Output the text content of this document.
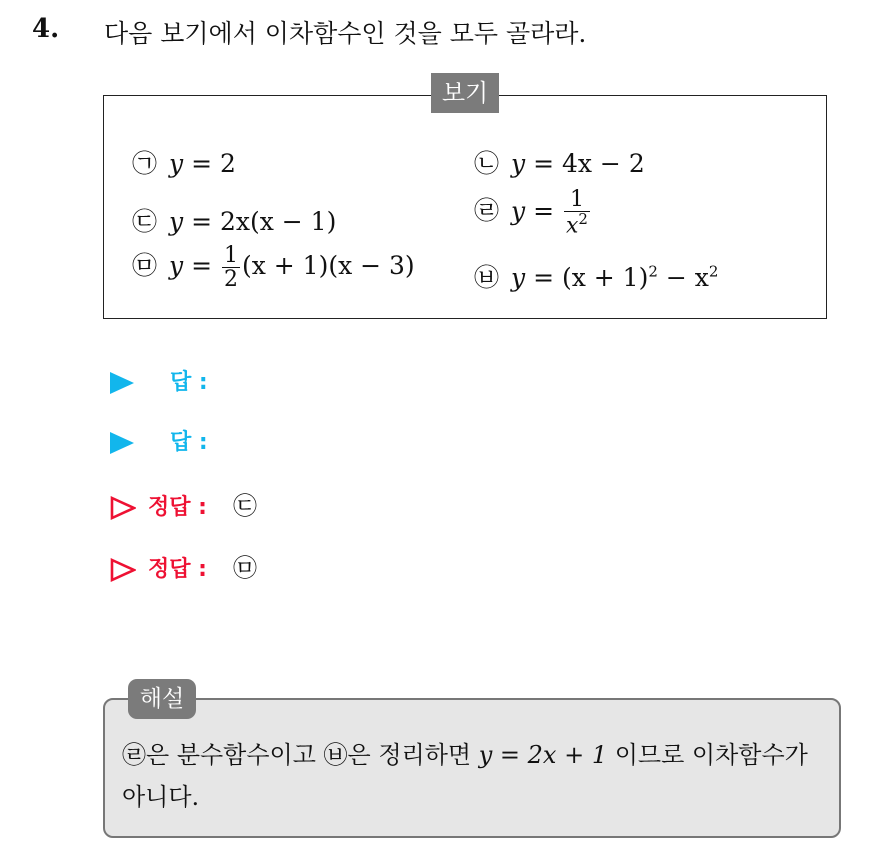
4. 다음 보기에서 이차함수인 것을 모두 골라라.
보기
㉠ y = 2	㉡ y = 4x − 2
㉢ y = 2x(x − 1)	㉣ $y = \frac{1}{x^2}$
㉤ $y = \frac{1}{2} (x + 1)(x - 3)$ ㉥ $y = (x + 1)^2 - x^2$
답 :
답 :
정답 : ㉢
정답 : ㉤
해설
㉣은 분수함수이고 ㉥은 정리하면 y = 2x + 1 이므로 이차함수가
아니다.
